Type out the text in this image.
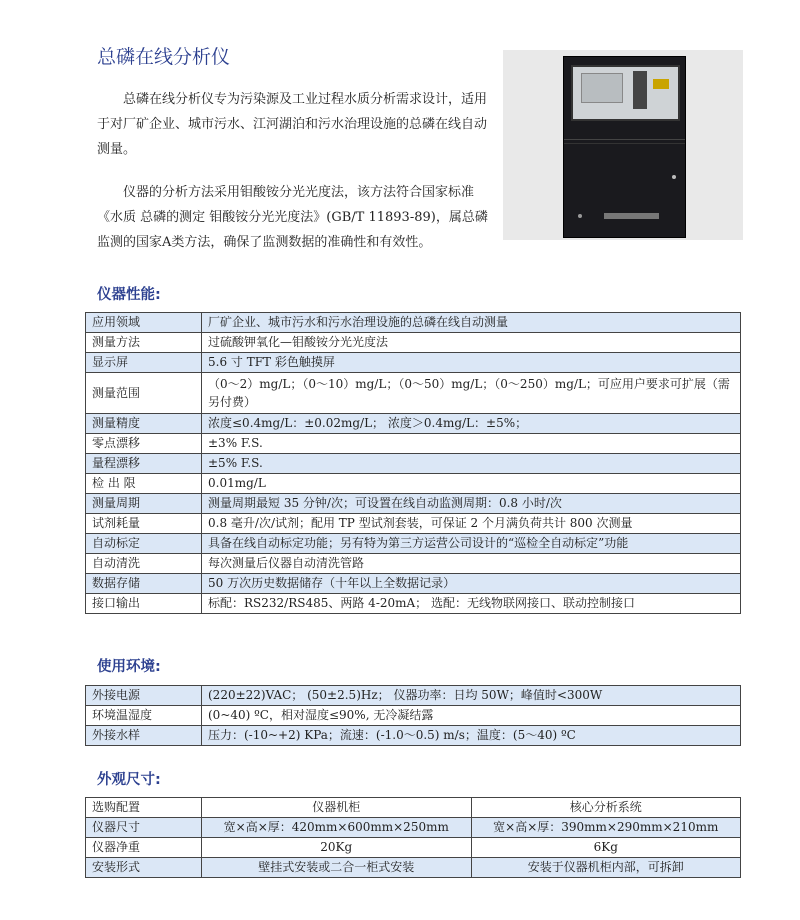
总磷在线分析仪

总磷在线分析仪专为污染源及工业过程水质分析需求设计，适用于对厂矿企业、城市污水、江河湖泊和污水治理设施的总磷在线自动测量。

仪器的分析方法采用钼酸铵分光光度法，该方法符合国家标准《水质 总磷的测定 钼酸铵分光光度法》(GB/T 11893-89)，属总磷监测的国家A类方法，确保了监测数据的准确性和有效性。

仪器性能:
应用领域	厂矿企业、城市污水和污水治理设施的总磷在线自动测量
测量方法	过硫酸钾氧化—钼酸铵分光光度法
显示屏	5.6 寸 TFT 彩色触摸屏
测量范围	（0～2）mg/L；（0～10）mg/L；（0～50）mg/L；（0～250）mg/L；可应用户要求可扩展（需另付费）
测量精度	浓度≤0.4mg/L：±0.02mg/L； 浓度＞0.4mg/L：±5%；
零点漂移	±3% F.S.
量程漂移	±5% F.S.
检 出 限	0.01mg/L
测量周期	测量周期最短 35 分钟/次；可设置在线自动监测周期：0.8 小时/次
试剂耗量	0.8 毫升/次/试剂；配用 TP 型试剂套装，可保证 2 个月满负荷共计 800 次测量
自动标定	具备在线自动标定功能；另有特为第三方运营公司设计的“巡检全自动标定”功能
自动清洗	每次测量后仪器自动清洗管路
数据存储	50 万次历史数据储存（十年以上全数据记录）
接口输出	标配：RS232/RS485、两路 4-20mA； 选配：无线物联网接口、联动控制接口
使用环境:
外接电源	(220±22)VAC； (50±2.5)Hz； 仪器功率：日均 50W；峰值时<300W
环境温湿度	(0~40) ºC，相对湿度≤90%, 无冷凝结露
外接水样	压力：(-10~+2) KPa；流速：(-1.0～0.5) m/s；温度：(5～40) ºC
外观尺寸:
选购配置	仪器机柜	核心分析系统
仪器尺寸	宽×高×厚：420mm×600mm×250mm	宽×高×厚：390mm×290mm×210mm
仪器净重	20Kg	6Kg
安装形式	壁挂式安装或二合一柜式安装	安装于仪器机柜内部，可拆卸
